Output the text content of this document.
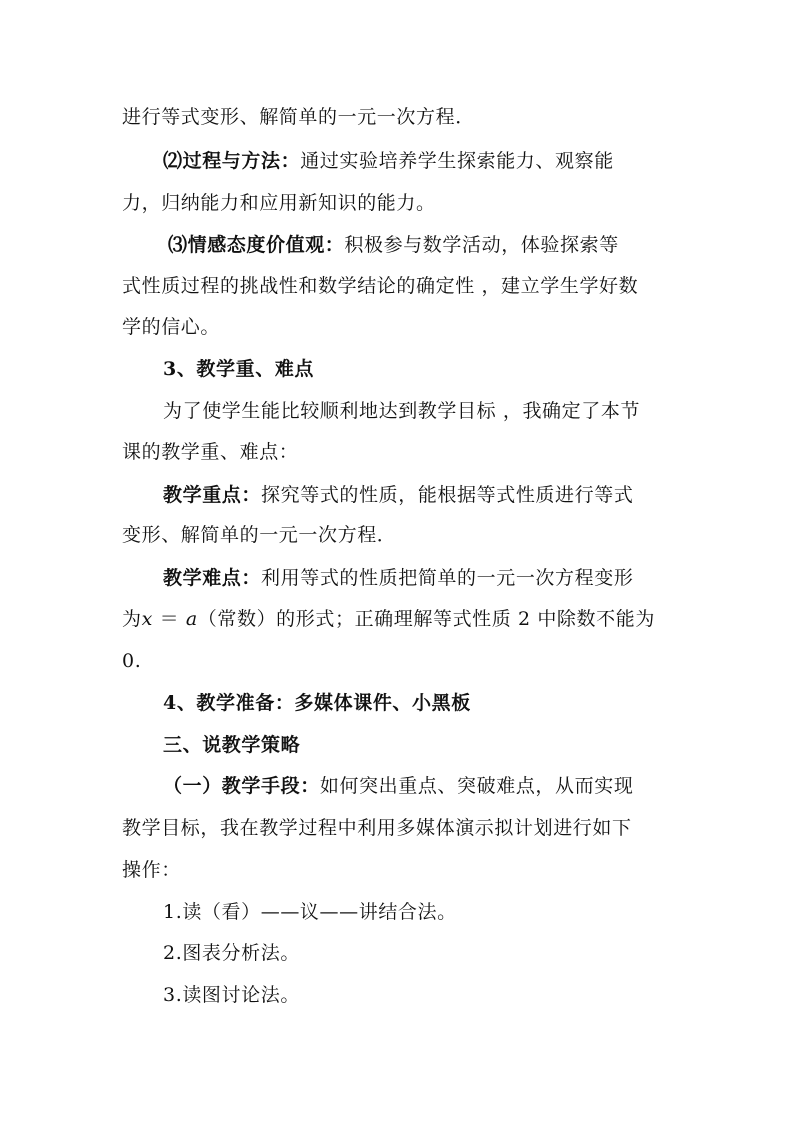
进行等式变形、解简单的一元一次方程．
⑵过程与方法：通过实验培养学生探索能力、观察能
力，归纳能力和应用新知识的能力。
⑶情感态度价值观：积极参与数学活动，体验探索等
式性质过程的挑战性和数学结论的确定性 ，建立学生学好数
学的信心。
3、教学重、难点
为了使学生能比较顺利地达到教学目标 ，我确定了本节
课的教学重、难点：
教学重点：探究等式的性质，能根据等式性质进行等式
变形、解简单的一元一次方程．
教学难点：利用等式的性质把简单的一元一次方程变形
为x ＝ a（常数）的形式；正确理解等式性质 2 中除数不能为
0.
4、教学准备：多媒体课件、小黑板
三、说教学策略
（一）教学手段：如何突出重点、突破难点，从而实现
教学目标，我在教学过程中利用多媒体演示拟计划进行如下
操作：
1.读（看）——议——讲结合法。
2.图表分析法。
3.读图讨论法。
